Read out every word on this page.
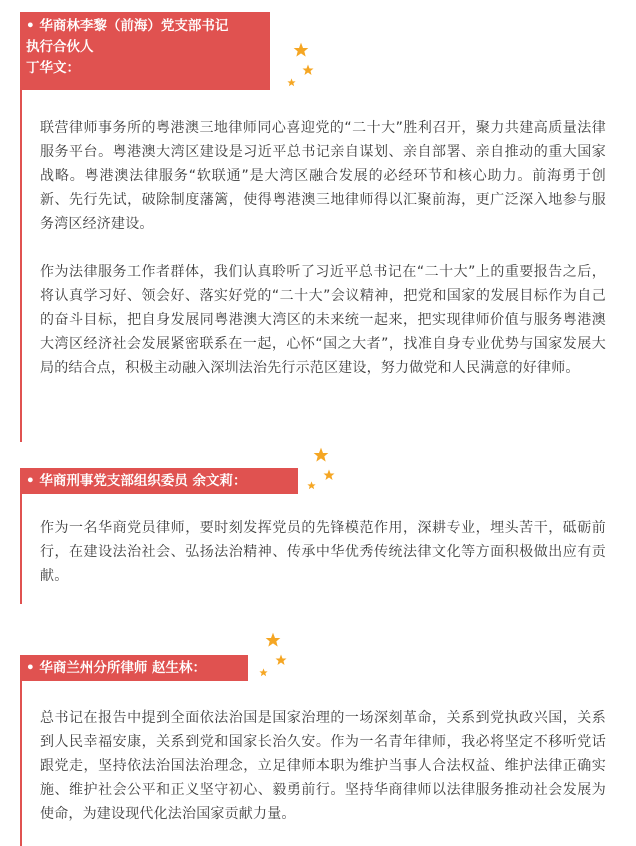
• 华商林李黎（前海）党支部书记
执行合伙人
丁华文：

联营律师事务所的粤港澳三地律师同心喜迎党的“二十大”胜利召开，聚力共建高质量法律服务平台。粤港澳大湾区建设是习近平总书记亲自谋划、亲自部署、亲自推动的重大国家战略。粤港澳法律服务“软联通”是大湾区融合发展的必经环节和核心助力。前海勇于创新、先行先试，破除制度藩篱，使得粤港澳三地律师得以汇聚前海，更广泛深入地参与服务湾区经济建设。

作为法律服务工作者群体，我们认真聆听了习近平总书记在“二十大”上的重要报告之后，将认真学习好、领会好、落实好党的“二十大”会议精神，把党和国家的发展目标作为自己的奋斗目标，把自身发展同粤港澳大湾区的未来统一起来，把实现律师价值与服务粤港澳大湾区经济社会发展紧密联系在一起，心怀“国之大者”，找准自身专业优势与国家发展大局的结合点，积极主动融入深圳法治先行示范区建设，努力做党和人民满意的好律师。

• 华商刑事党支部组织委员 余文莉：

作为一名华商党员律师，要时刻发挥党员的先锋模范作用，深耕专业，埋头苦干，砥砺前行，在建设法治社会、弘扬法治精神、传承中华优秀传统法律文化等方面积极做出应有贡献。

• 华商兰州分所律师 赵生林：

总书记在报告中提到全面依法治国是国家治理的一场深刻革命，关系到党执政兴国，关系到人民幸福安康，关系到党和国家长治久安。作为一名青年律师，我必将坚定不移听党话跟党走，坚持依法治国法治理念，立足律师本职为维护当事人合法权益、维护法律正确实施、维护社会公平和正义坚守初心、毅勇前行。坚持华商律师以法律服务推动社会发展为使命，为建设现代化法治国家贡献力量。
